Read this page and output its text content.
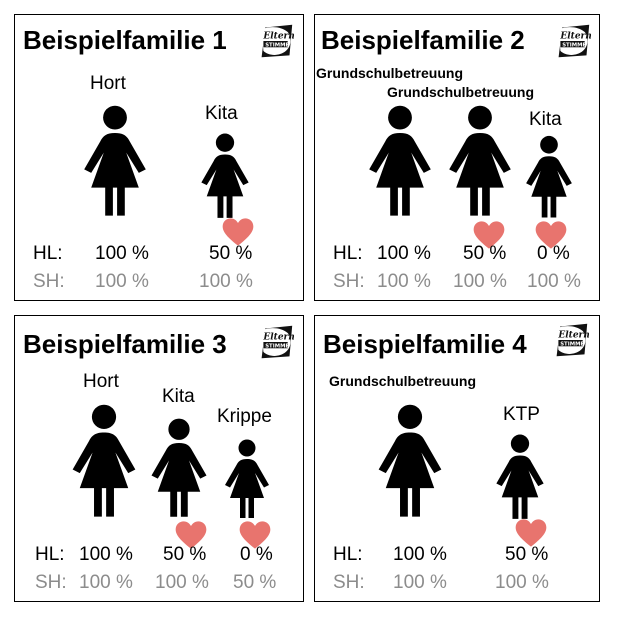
Beispielfamilie 1
Hort
Kita
HL: 100 %	50 %
SH: 100 %	100 %
Beispielfamilie 2
Grundschulbetreuung
Grundschulbetreuung
Kita
HL: 100 % 50 % 0 %
SH: 100 % 100 % 100 %
Beispielfamilie 3
Hort
Kita
Krippe
HL: 100 % 50 % 0 %
SH: 100 % 100 % 50 %
Beispielfamilie 4
Grundschulbetreuung
KTP
HL: 100 %	50 %
SH: 100 %	100 %
